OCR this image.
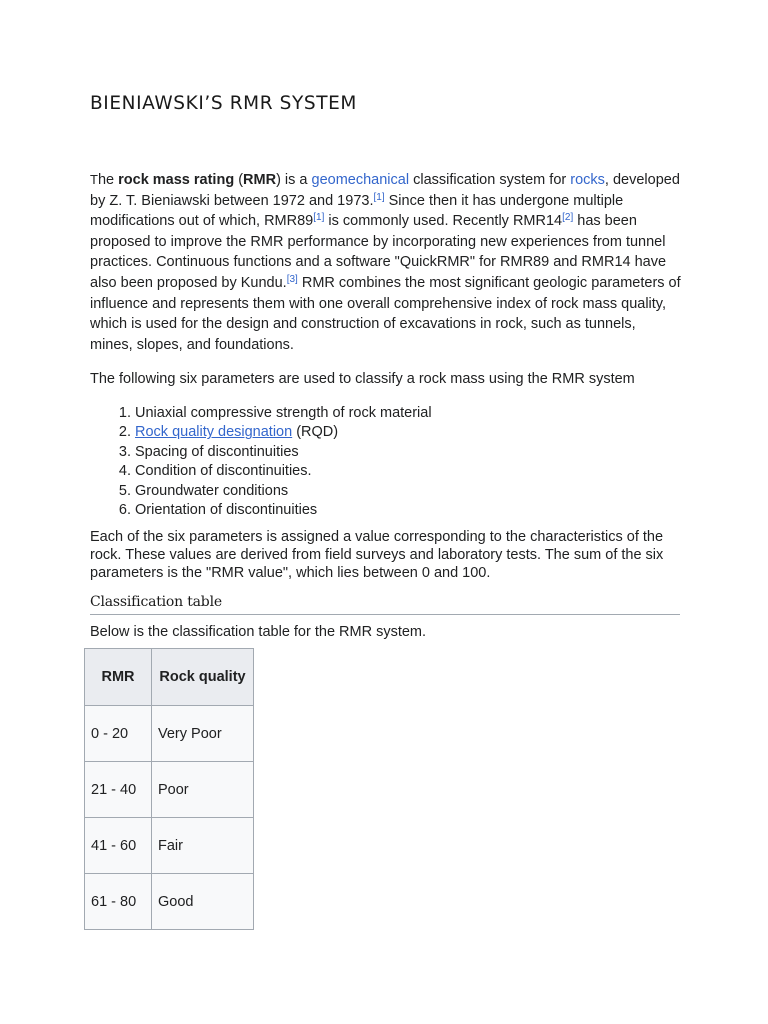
BIENIAWSKI’S RMR SYSTEM

The rock mass rating (RMR) is a geomechanical classification system for rocks, developed by Z. T. Bieniawski between 1972 and 1973.[1] Since then it has undergone multiple modifications out of which, RMR89[1] is commonly used. Recently RMR14[2] has been proposed to improve the RMR performance by incorporating new experiences from tunnel practices. Continuous functions and a software "QuickRMR" for RMR89 and RMR14 have also been proposed by Kundu.[3] RMR combines the most significant geologic parameters of influence and represents them with one overall comprehensive index of rock mass quality, which is used for the design and construction of excavations in rock, such as tunnels, mines, slopes, and foundations.

The following six parameters are used to classify a rock mass using the RMR system

1. Uniaxial compressive strength of rock material
2. Rock quality designation (RQD)
3. Spacing of discontinuities
4. Condition of discontinuities.
5. Groundwater conditions
6. Orientation of discontinuities

Each of the six parameters is assigned a value corresponding to the characteristics of the rock. These values are derived from field surveys and laboratory tests. The sum of the six parameters is the "RMR value", which lies between 0 and 100.

Classification table

Below is the classification table for the RMR system.

RMR	Rock quality
0 - 20	Very Poor
21 - 40	Poor
41 - 60	Fair
61 - 80	Good
